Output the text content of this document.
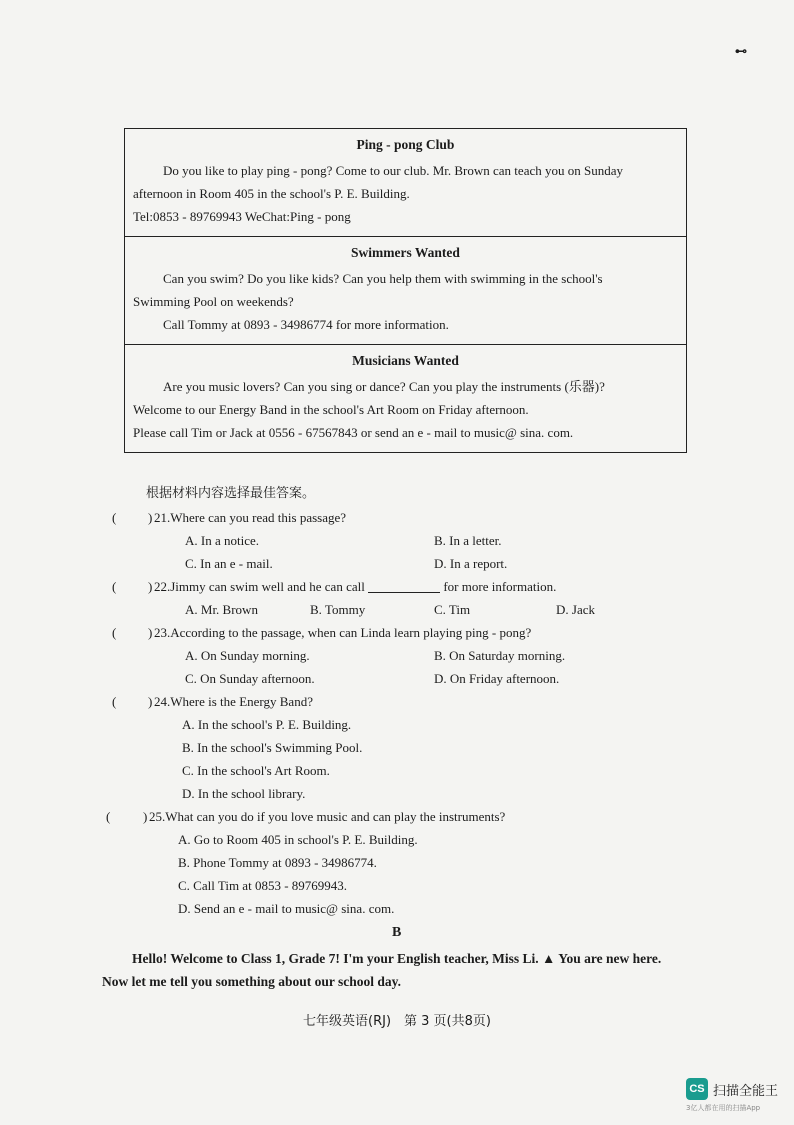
⊷
Ping - pong Club

Do you like to play ping - pong? Come to our club. Mr. Brown can teach you on Sunday

afternoon in Room 405 in the school's P. E. Building.

Tel:0853 - 89769943 WeChat:Ping - pong

Swimmers Wanted

Can you swim? Do you like kids? Can you help them with swimming in the school's

Swimming Pool on weekends?

Call Tommy at 0893 - 34986774 for more information.

Musicians Wanted

Are you music lovers? Can you sing or dance? Can you play the instruments (乐器)?

Welcome to our Energy Band in the school's Art Room on Friday afternoon.

Please call Tim or Jack at 0556 - 67567843 or send an e - mail to music@ sina. com.

根据材料内容选择最佳答案。
( ) 21.Where can you read this passage?
A. In a notice.	B. In a letter.
C. In an e - mail.	D. In a report.
( ) 22.Jimmy can swim well and he can call	for more information.
A. Mr. Brown	B. Tommy	C. Tim	D. Jack
( ) 23.According to the passage, when can Linda learn playing ping - pong?
A. On Sunday morning.	B. On Saturday morning.
C. On Sunday afternoon.	D. On Friday afternoon.
( ) 24.Where is the Energy Band?
A. In the school's P. E. Building.
B. In the school's Swimming Pool.
C. In the school's Art Room.
D. In the school library.
(	) 25.What can you do if you love music and can play the instruments?
A. Go to Room 405 in school's P. E. Building.
B. Phone Tommy at 0893 - 34986774.
C. Call Tim at 0853 - 89769943.
D. Send an e - mail to music@ sina. com.
B

Hello! Welcome to Class 1, Grade 7! I'm your English teacher, Miss Li. ▲ You are new here. Now let me tell you something about our school day.

七年级英语(RJ)　第 3 页(共8页)
CS 扫描全能王
3亿人都在用的扫描App
